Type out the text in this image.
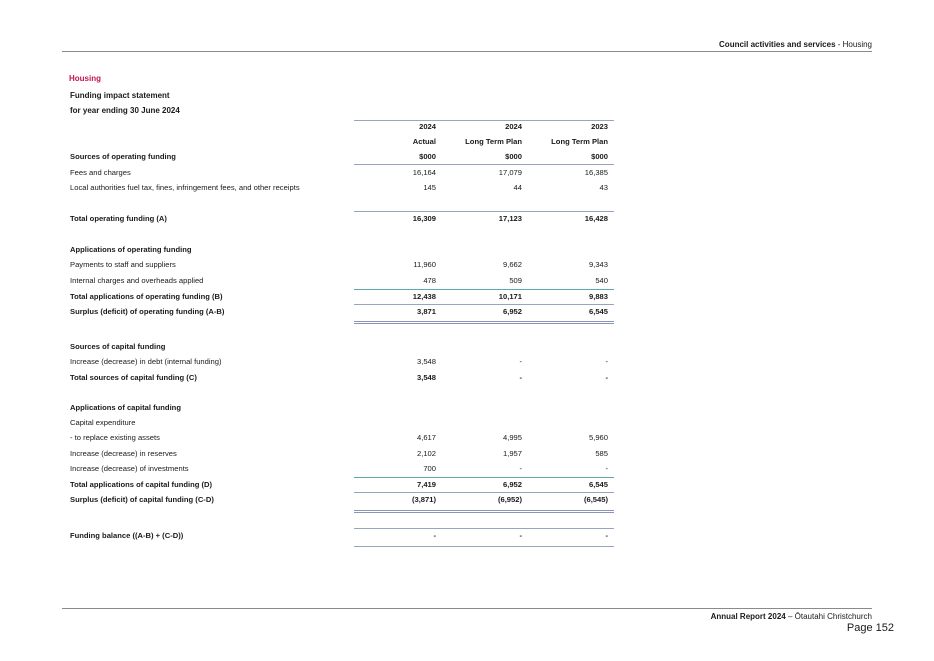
Council activities and services - Housing
Housing
Funding impact statement
for year ending 30 June 2024
2024	2024	2023
Actual	Long Term Plan	Long Term Plan
Sources of operating funding	$000	$000	$000
Fees and charges	16,164	17,079	16,385
Local authorities fuel tax, fines, infringement fees, and other receipts	145	44	43
Total operating funding (A)	16,309	17,123	16,428
Applications of operating funding
Payments to staff and suppliers	11,960	9,662	9,343
Internal charges and overheads applied	478	509	540
Total applications of operating funding (B)	12,438	10,171	9,883
Surplus (deficit) of operating funding (A-B)	3,871	6,952	6,545
Sources of capital funding
Increase (decrease) in debt (internal funding)	3,548	-	-
Total sources of capital funding (C)	3,548	-	-
Applications of capital funding
Capital expenditure
- to replace existing assets	4,617	4,995	5,960
Increase (decrease) in reserves	2,102	1,957	585
Increase (decrease) of investments	700	-	-
Total applications of capital funding (D)	7,419	6,952	6,545
Surplus (deficit) of capital funding (C-D)	(3,871)	(6,952)	(6,545)
Funding balance ((A-B) + (C-D))	-	-	-
Annual Report 2024 – Ōtautahi Christchurch
Page 152
